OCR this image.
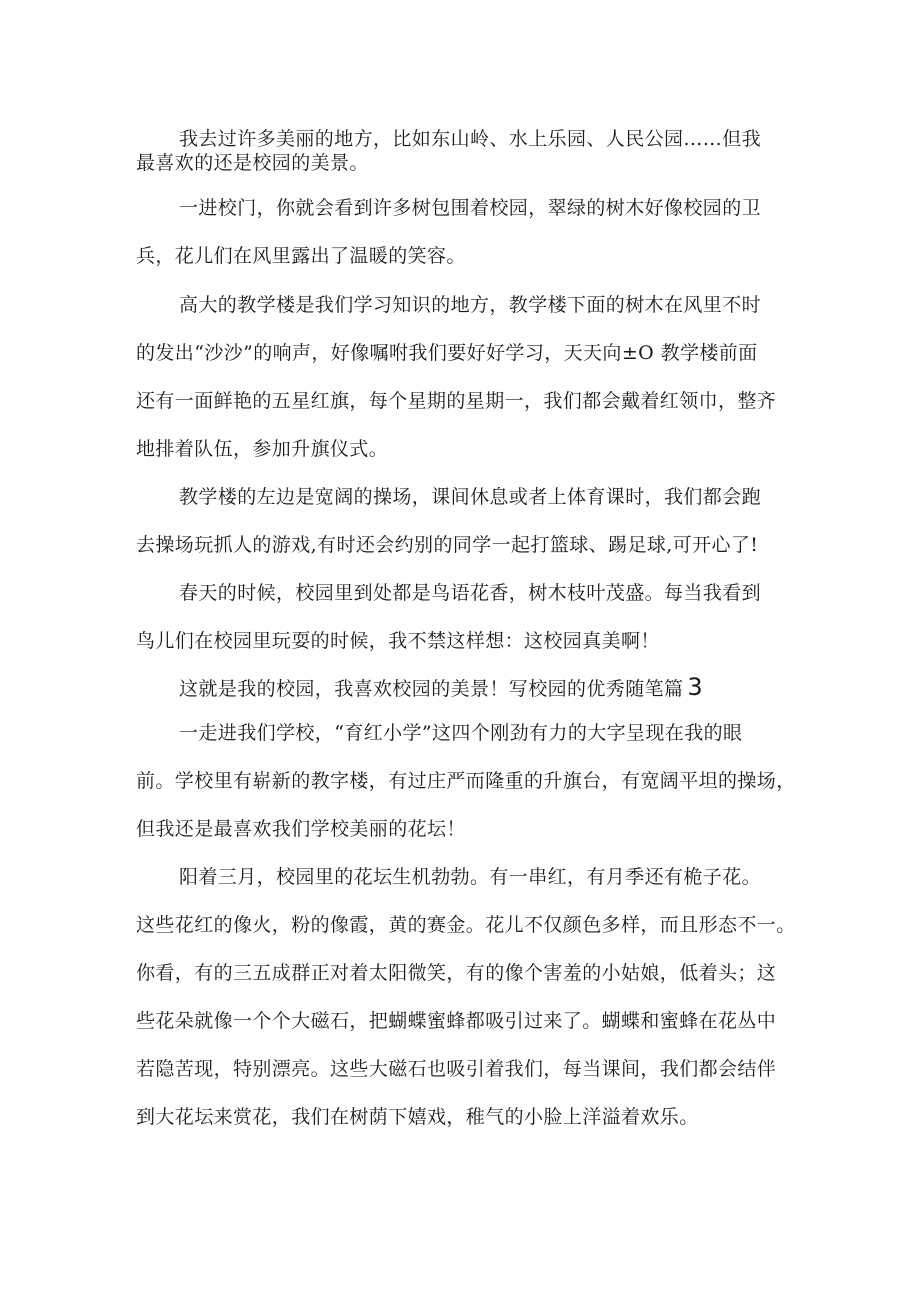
我去过许多美丽的地方，比如东山岭、水上乐园、人民公园……但我
最喜欢的还是校园的美景。
一进校门，你就会看到许多树包围着校园，翠绿的树木好像校园的卫
兵，花儿们在风里露出了温暖的笑容。
高大的教学楼是我们学习知识的地方，教学楼下面的树木在风里不时
的发出“沙沙”的响声，好像嘱咐我们要好好学习，天天向±O 教学楼前面
还有一面鲜艳的五星红旗，每个星期的星期一，我们都会戴着红领巾，整齐
地排着队伍，参加升旗仪式。
教学楼的左边是宽阔的操场，课间休息或者上体育课时，我们都会跑
去操场玩抓人的游戏,有时还会约别的同学一起打篮球、踢足球,可开心了!
春天的时候，校园里到处都是鸟语花香，树木枝叶茂盛。每当我看到
鸟儿们在校园里玩耍的时候，我不禁这样想：这校园真美啊！
这就是我的校园，我喜欢校园的美景！写校园的优秀随笔篇 3
一走进我们学校，“育红小学”这四个刚劲有力的大字呈现在我的眼
前。学校里有崭新的教字楼，有过庄严而隆重的升旗台，有宽阔平坦的操场，
但我还是最喜欢我们学校美丽的花坛！
阳着三月，校园里的花坛生机勃勃。有一串红，有月季还有桅子花。
这些花红的像火，粉的像霞，黄的赛金。花儿不仅颜色多样，而且形态不一。
你看，有的三五成群正对着太阳微笑，有的像个害羞的小姑娘，低着头；这
些花朵就像一个个大磁石，把蝴蝶蜜蜂都吸引过来了。蝴蝶和蜜蜂在花丛中
若隐苦现，特别漂亮。这些大磁石也吸引着我们，每当课间，我们都会结伴
到大花坛来赏花，我们在树荫下嬉戏，稚气的小脸上洋溢着欢乐。
